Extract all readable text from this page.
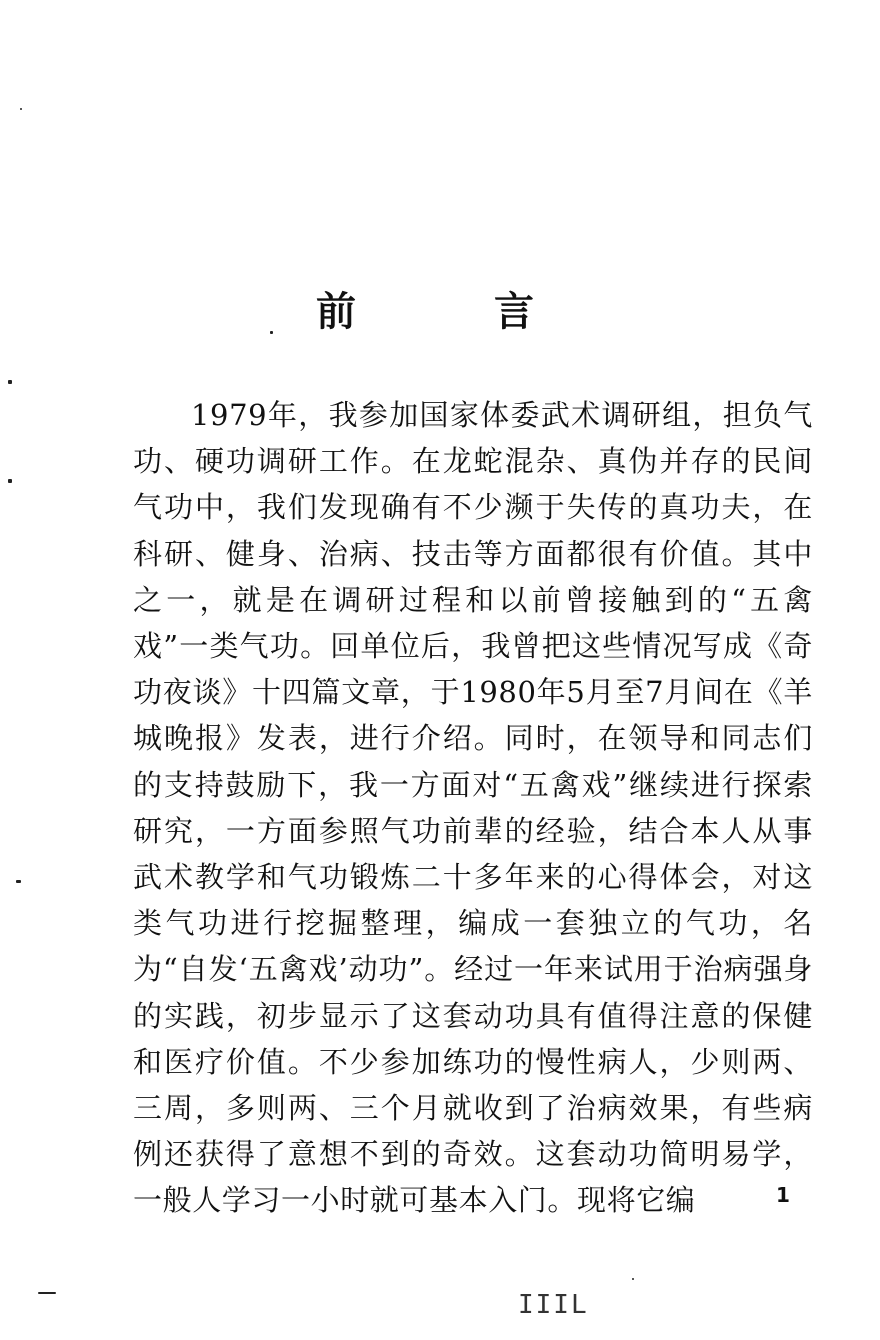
前 言

1979年，我参加国家体委武术调研组，担负气功、硬功调研工作。在龙蛇混杂、真伪并存的民间气功中，我们发现确有不少濒于失传的真功夫，在科研、健身、治病、技击等方面都很有价值。其中之一，就是在调研过程和以前曾接触到的“五禽戏”一类气功。回单位后，我曾把这些情况写成《奇功夜谈》十四篇文章，于1980年5月至7月间在《羊城晚报》发表，进行介绍。同时，在领导和同志们的支持鼓励下，我一方面对“五禽戏”继续进行探索研究，一方面参照气功前辈的经验，结合本人从事武术教学和气功锻炼二十多年来的心得体会，对这类气功进行挖掘整理，编成一套独立的气功，名为“自发‘五禽戏’动功”。经过一年来试用于治病强身的实践，初步显示了这套动功具有值得注意的保健和医疗价值。不少参加练功的慢性病人，少则两、三周，多则两、三个月就收到了治病效果，有些病例还获得了意想不到的奇效。这套动功简明易学，一般人学习一小时就可基本入门。现将它编	1
IIIL
